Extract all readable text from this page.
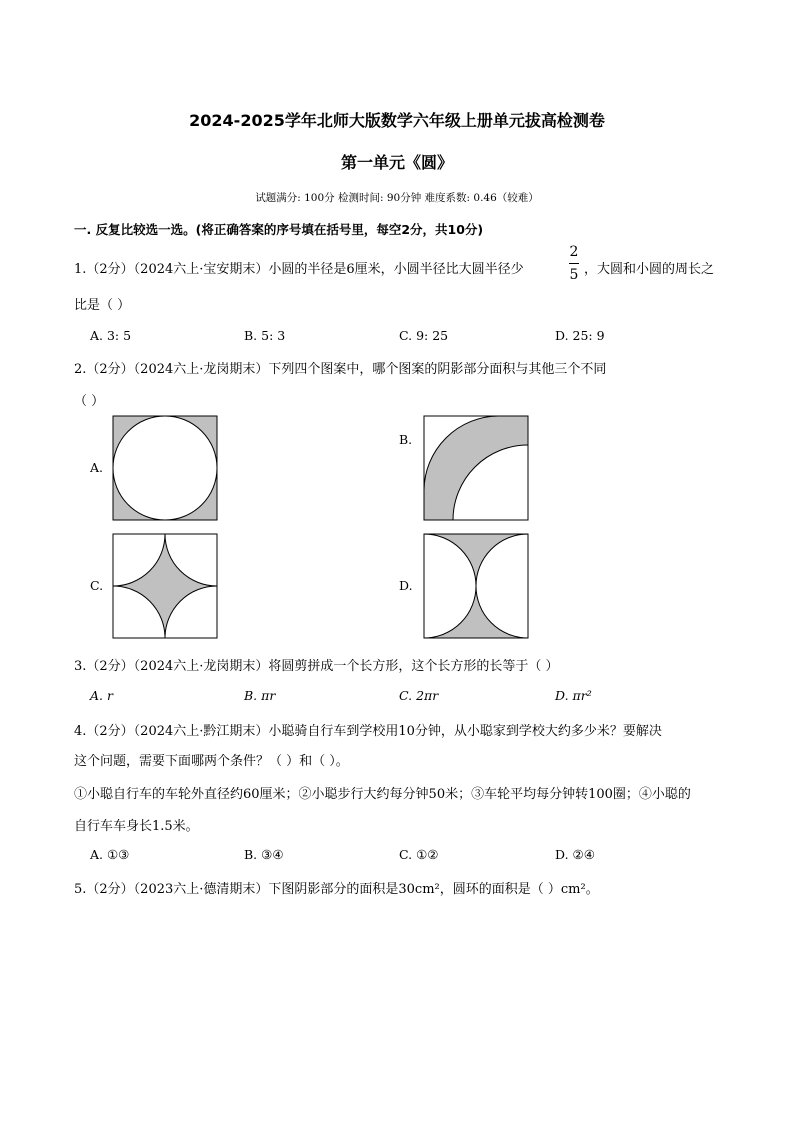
2024-2025学年北师大版数学六年级上册单元拔高检测卷
第一单元《圆》
试题满分: 100分 检测时间: 90分钟 难度系数: 0.46（较难）
一. 反复比较选一选。(将正确答案的序号填在括号里，每空2分，共10分)
1.（2分）（2024六上·宝安期末）小圆的半径是6厘米，小圆半径比大圆半径少
2
5 ，大圆和小圆的周长之
比是（ ）
A. 3: 5	B. 5: 3	C. 9: 25	D. 25: 9
2.（2分）（2024六上·龙岗期末）下列四个图案中，哪个图案的阴影部分面积与其他三个不同
（ ）
A.
B.
C.	D.
3.（2分）（2024六上·龙岗期末）将圆剪拼成一个长方形，这个长方形的长等于（ ）
A. r	B. πr	C. 2πr	D. πr²
4.（2分）（2024六上·黔江期末）小聪骑自行车到学校用10分钟，从小聪家到学校大约多少米？要解决
这个问题，需要下面哪两个条件？（ ）和（ ）。
①小聪自行车的车轮外直径约60厘米；②小聪步行大约每分钟50米；③车轮平均每分钟转100圈；④小聪的
自行车车身长1.5米。
A. ①③	B. ③④	C. ①②	D. ②④
5.（2分）（2023六上·德清期末）下图阴影部分的面积是30cm²，圆环的面积是（ ）cm²。
